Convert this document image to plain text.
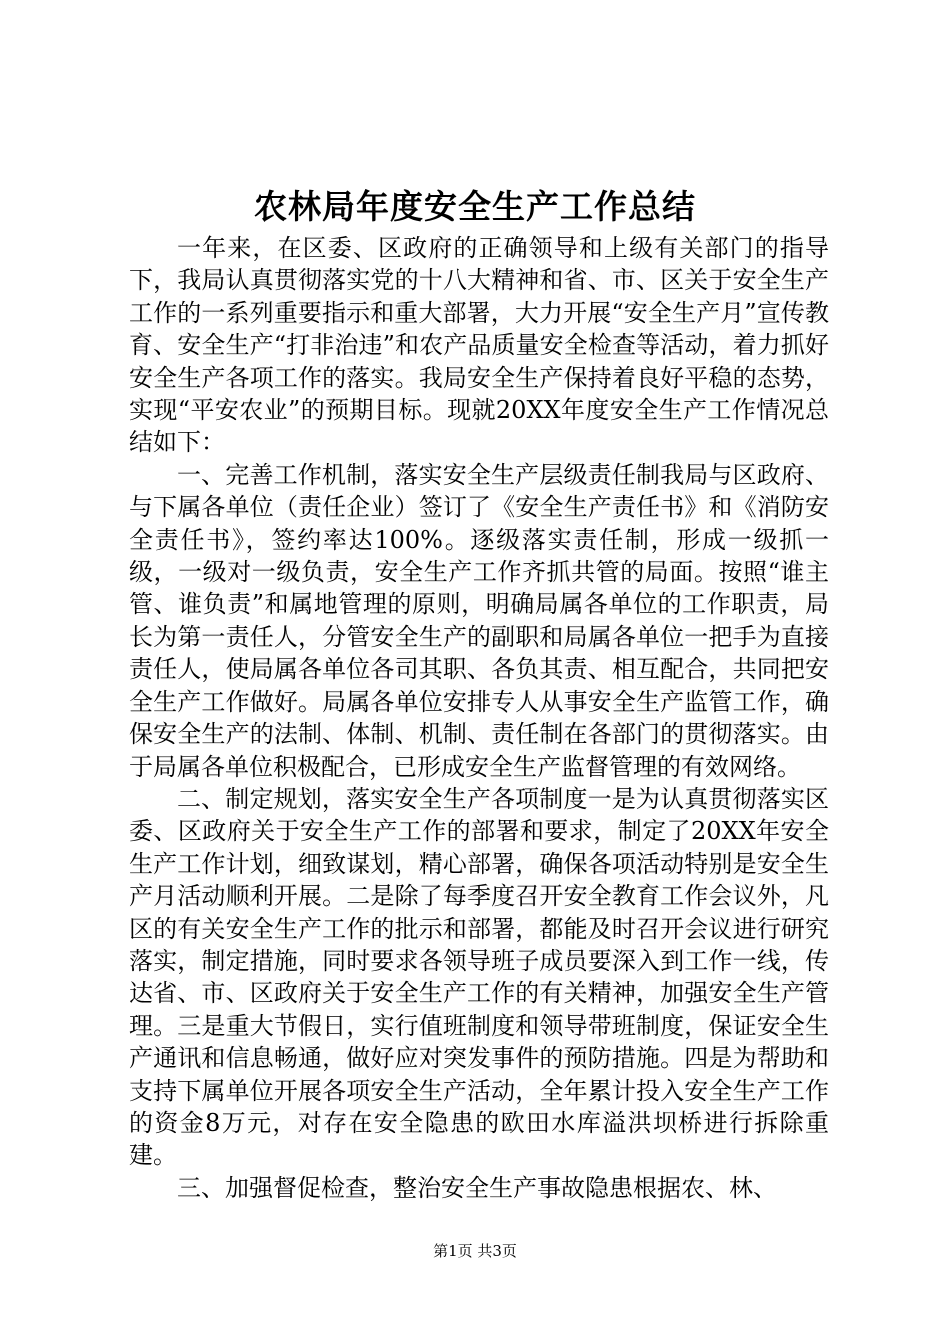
农林局年度安全生产工作总结

一年来，在区委、区政府的正确领导和上级有关部门的指导下，我局认真贯彻落实党的十八大精神和省、市、区关于安全生产工作的一系列重要指示和重大部署，大力开展“安全生产月”宣传教育、安全生产“打非治违”和农产品质量安全检查等活动，着力抓好安全生产各项工作的落实。我局安全生产保持着良好平稳的态势，实现“平安农业”的预期目标。现就20XX年度安全生产工作情况总结如下：

一、完善工作机制，落实安全生产层级责任制我局与区政府、与下属各单位（责任企业）签订了《安全生产责任书》和《消防安全责任书》，签约率达100%。逐级落实责任制，形成一级抓一级，一级对一级负责，安全生产工作齐抓共管的局面。按照“谁主管、谁负责”和属地管理的原则，明确局属各单位的工作职责，局长为第一责任人，分管安全生产的副职和局属各单位一把手为直接责任人，使局属各单位各司其职、各负其责、相互配合，共同把安全生产工作做好。局属各单位安排专人从事安全生产监管工作，确保安全生产的法制、体制、机制、责任制在各部门的贯彻落实。由于局属各单位积极配合，已形成安全生产监督管理的有效网络。

二、制定规划，落实安全生产各项制度一是为认真贯彻落实区委、区政府关于安全生产工作的部署和要求，制定了20XX年安全生产工作计划，细致谋划，精心部署，确保各项活动特别是安全生产月活动顺利开展。二是除了每季度召开安全教育工作会议外，凡区的有关安全生产工作的批示和部署，都能及时召开会议进行研究落实，制定措施，同时要求各领导班子成员要深入到工作一线，传达省、市、区政府关于安全生产工作的有关精神，加强安全生产管理。三是重大节假日，实行值班制度和领导带班制度，保证安全生产通讯和信息畅通，做好应对突发事件的预防措施。四是为帮助和支持下属单位开展各项安全生产活动，全年累计投入安全生产工作的资金8万元，对存在安全隐患的欧田水库溢洪坝桥进行拆除重建。

三、加强督促检查，整治安全生产事故隐患根据农、林、

第1页 共3页
